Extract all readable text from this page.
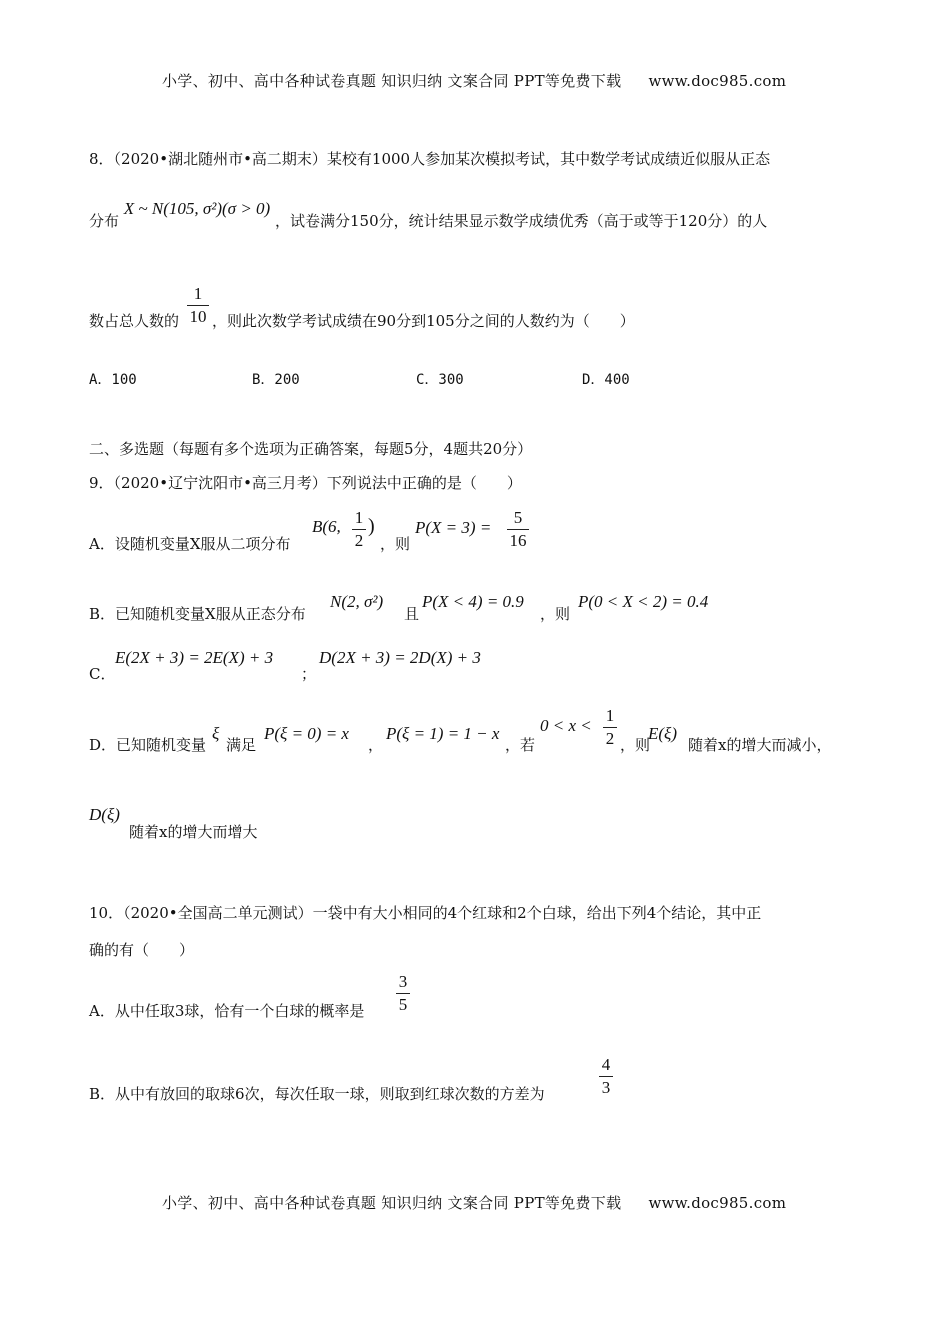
小学、初中、高中各种试卷真题 知识归纳 文案合同 PPT等免费下载 www.doc985.com
8．（2020•湖北随州市•高二期末）某校有1000人参加某次模拟考试，其中数学考试成绩近似服从正态
分布 X ~ N(105, σ²)(σ > 0) ，试卷满分150分，统计结果显示数学成绩优秀（高于或等于120分）的人
数占总人数的
1
10 ，则此次数学考试成绩在90分到105分之间的人数约为（　　）
A．100	B．200	C．300	D．400
二、多选题（每题有多个选项为正确答案，每题5分，4题共20分）
9．（2020•辽宁沈阳市•高三月考）下列说法中正确的是（　　）
A．设随机变量X服从二项分布
B(6, 1
2
)
，则
P(X = 3) =
5
16
B．已知随机变量X服从正态分布
N(2, σ²)
且
P(X < 4) = 0.9
，则
P(0 < X < 2) = 0.4
C．
E(2X + 3) = 2E(X) + 3
；
D(2X + 3) = 2D(X) + 3
D．已知随机变量
ξ
满足
P(ξ = 0) = x
，
P(ξ = 1) = 1 − x
，若
0 < x <
1
2 ，则
E(ξ)
随着x的增大而减小，
D(ξ)
随着x的增大而增大
10．（2020•全国高二单元测试）一袋中有大小相同的4个红球和2个白球，给出下列4个结论，其中正
确的有（　　）
A．从中任取3球，恰有一个白球的概率是
3
5
B．从中有放回的取球6次，每次任取一球，则取到红球次数的方差为
4
3
小学、初中、高中各种试卷真题 知识归纳 文案合同 PPT等免费下载 www.doc985.com
